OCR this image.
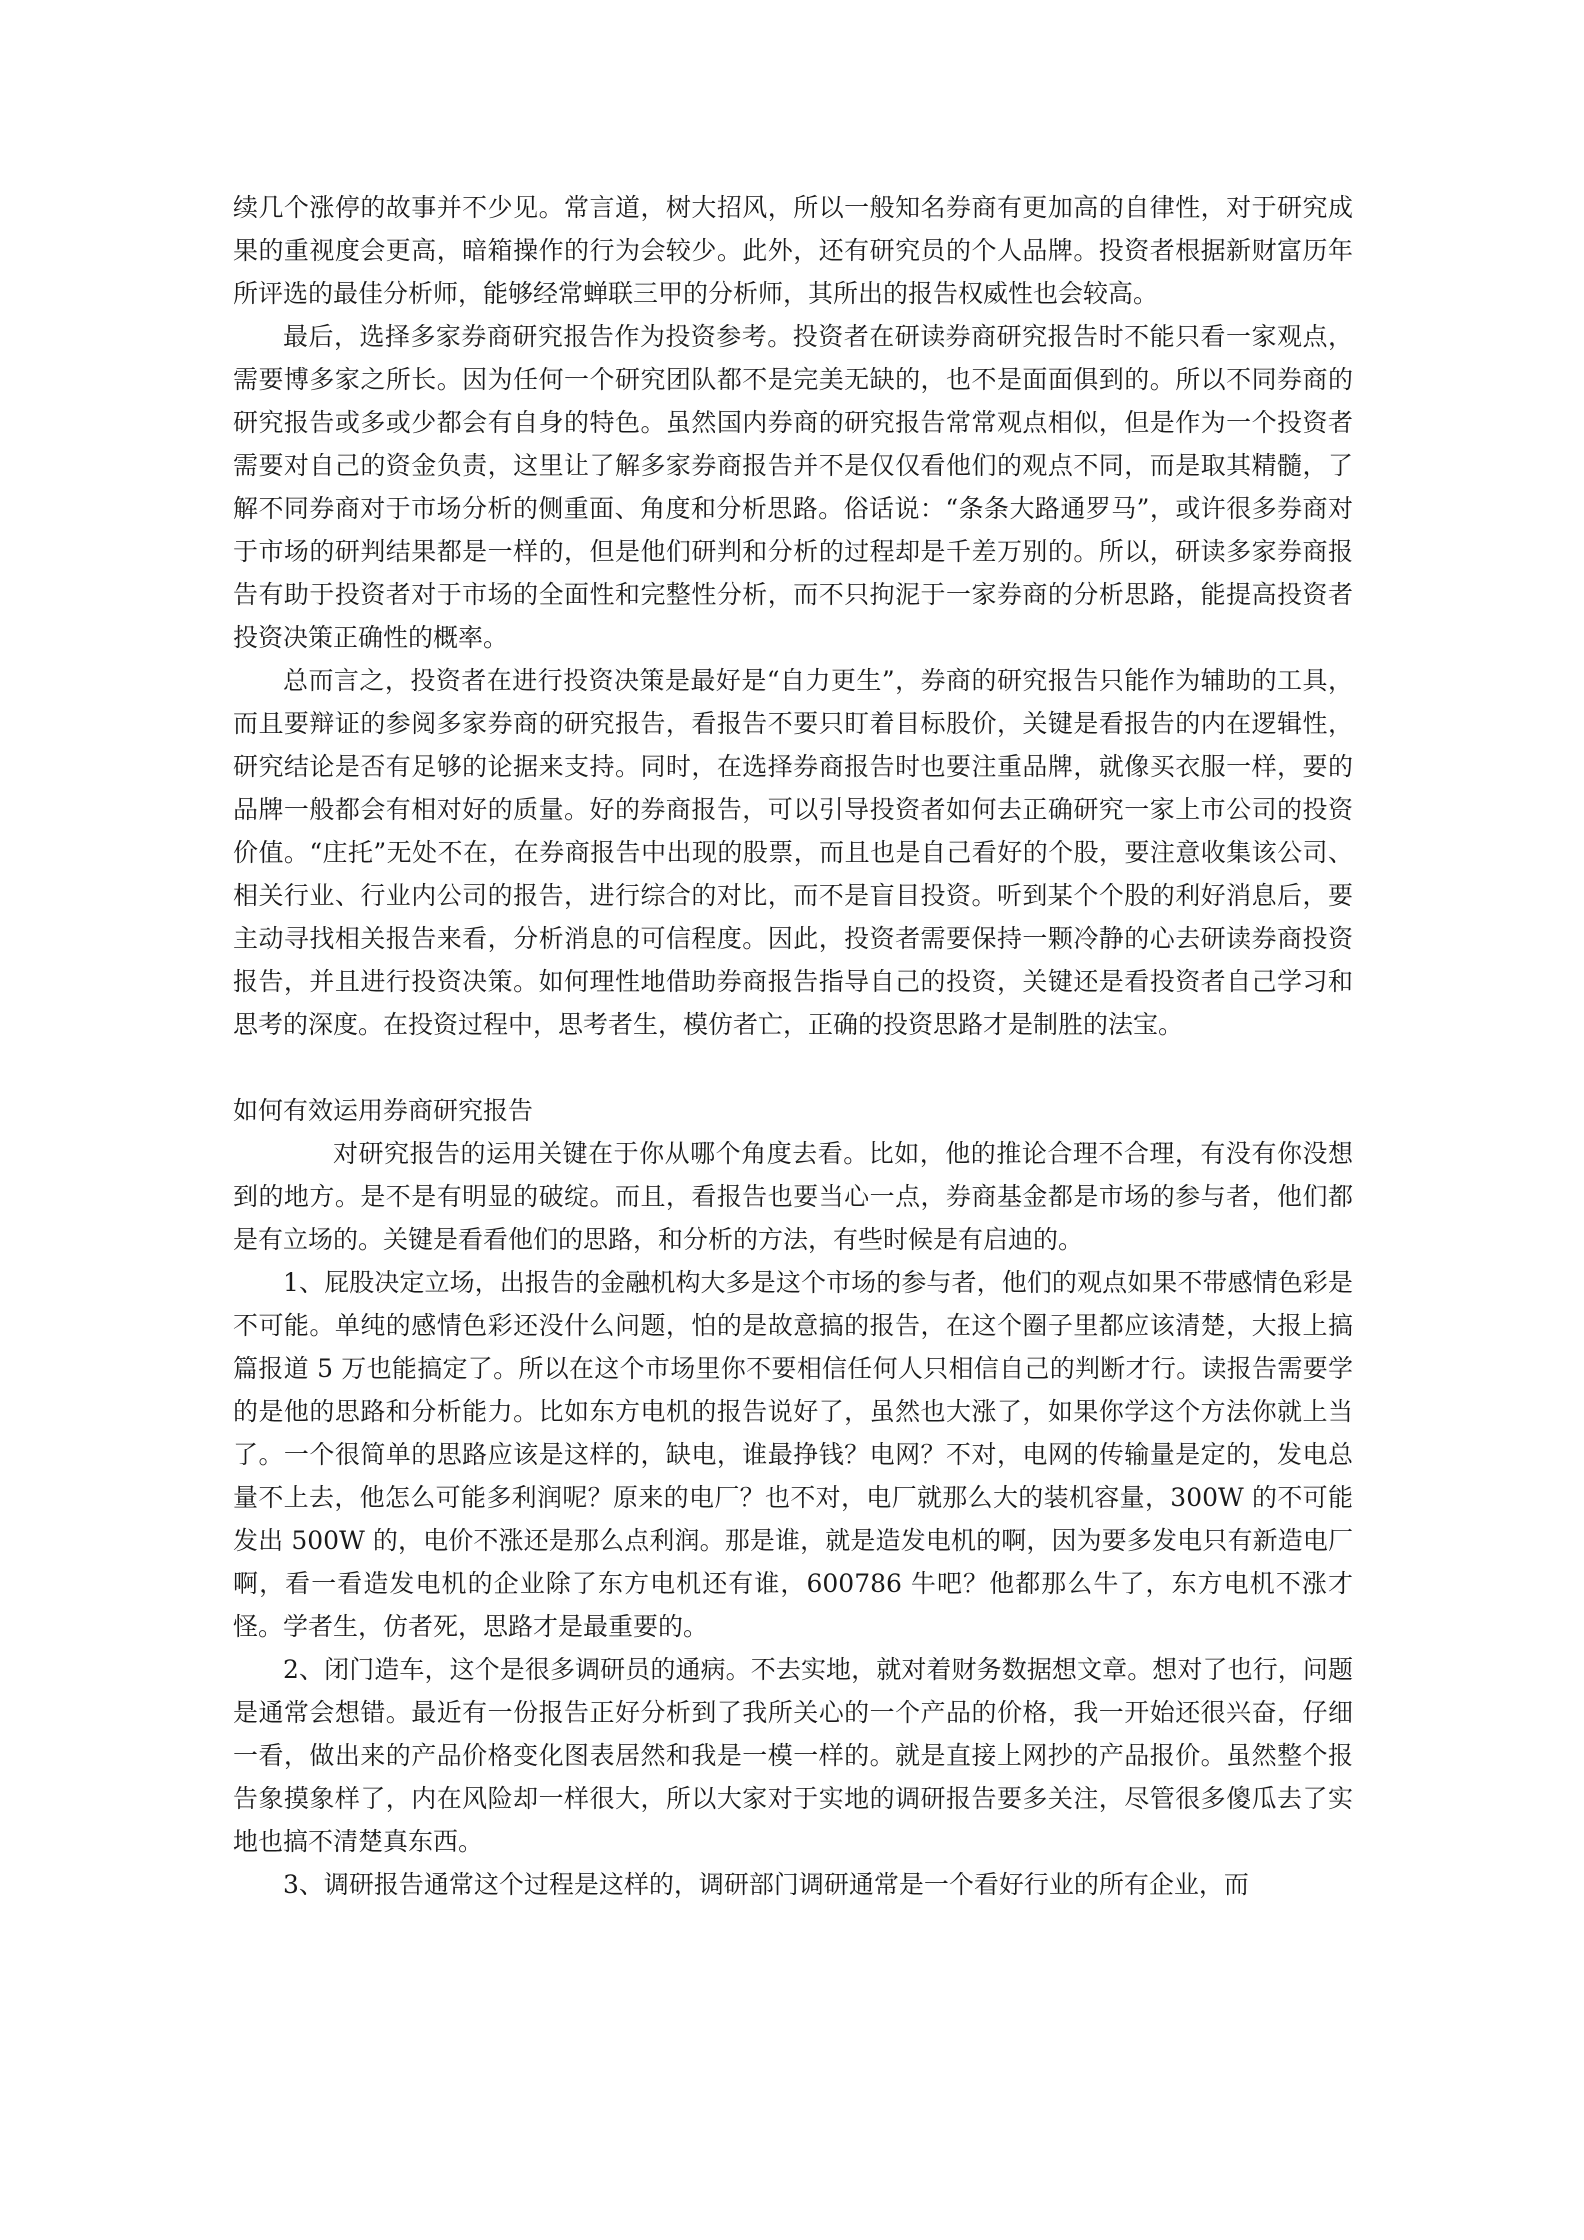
续几个涨停的故事并不少见。常言道，树大招风，所以一般知名券商有更加高的自律性，对于研究成果的重视度会更高，暗箱操作的行为会较少。此外，还有研究员的个人品牌。投资者根据新财富历年所评选的最佳分析师，能够经常蝉联三甲的分析师，其所出的报告权威性也会较高。

最后，选择多家券商研究报告作为投资参考。投资者在研读券商研究报告时不能只看一家观点，需要博多家之所长。因为任何一个研究团队都不是完美无缺的，也不是面面俱到的。所以不同券商的研究报告或多或少都会有自身的特色。虽然国内券商的研究报告常常观点相似，但是作为一个投资者需要对自己的资金负责，这里让了解多家券商报告并不是仅仅看他们的观点不同，而是取其精髓，了解不同券商对于市场分析的侧重面、角度和分析思路。俗话说：“条条大路通罗马”，或许很多券商对于市场的研判结果都是一样的，但是他们研判和分析的过程却是千差万别的。所以，研读多家券商报告有助于投资者对于市场的全面性和完整性分析，而不只拘泥于一家券商的分析思路，能提高投资者投资决策正确性的概率。

总而言之，投资者在进行投资决策是最好是“自力更生”，券商的研究报告只能作为辅助的工具，而且要辩证的参阅多家券商的研究报告，看报告不要只盯着目标股价，关键是看报告的内在逻辑性，研究结论是否有足够的论据来支持。同时，在选择券商报告时也要注重品牌，就像买衣服一样，要的品牌一般都会有相对好的质量。好的券商报告，可以引导投资者如何去正确研究一家上市公司的投资价值。“庄托”无处不在，在券商报告中出现的股票，而且也是自己看好的个股，要注意收集该公司、相关行业、行业内公司的报告，进行综合的对比，而不是盲目投资。听到某个个股的利好消息后，要主动寻找相关报告来看，分析消息的可信程度。因此，投资者需要保持一颗冷静的心去研读券商投资报告，并且进行投资决策。如何理性地借助券商报告指导自己的投资，关键还是看投资者自己学习和思考的深度。在投资过程中，思考者生，模仿者亡，正确的投资思路才是制胜的法宝。

如何有效运用券商研究报告

对研究报告的运用关键在于你从哪个角度去看。比如，他的推论合理不合理，有没有你没想到的地方。是不是有明显的破绽。而且，看报告也要当心一点，券商基金都是市场的参与者，他们都是有立场的。关键是看看他们的思路，和分析的方法，有些时候是有启迪的。

1、屁股决定立场，出报告的金融机构大多是这个市场的参与者，他们的观点如果不带感情色彩是不可能。单纯的感情色彩还没什么问题，怕的是故意搞的报告，在这个圈子里都应该清楚，大报上搞篇报道 5 万也能搞定了。所以在这个市场里你不要相信任何人只相信自己的判断才行。读报告需要学的是他的思路和分析能力。比如东方电机的报告说好了，虽然也大涨了，如果你学这个方法你就上当了。一个很简单的思路应该是这样的，缺电，谁最挣钱？电网？不对，电网的传输量是定的，发电总量不上去，他怎么可能多利润呢？原来的电厂？也不对，电厂就那么大的装机容量，300W 的不可能发出 500W 的，电价不涨还是那么点利润。那是谁，就是造发电机的啊，因为要多发电只有新造电厂啊，看一看造发电机的企业除了东方电机还有谁，600786 牛吧？他都那么牛了，东方电机不涨才怪。学者生，仿者死，思路才是最重要的。

2、闭门造车，这个是很多调研员的通病。不去实地，就对着财务数据想文章。想对了也行，问题是通常会想错。最近有一份报告正好分析到了我所关心的一个产品的价格，我一开始还很兴奋，仔细一看，做出来的产品价格变化图表居然和我是一模一样的。就是直接上网抄的产品报价。虽然整个报告象摸象样了，内在风险却一样很大，所以大家对于实地的调研报告要多关注，尽管很多傻瓜去了实地也搞不清楚真东西。

3、调研报告通常这个过程是这样的，调研部门调研通常是一个看好行业的所有企业，而
